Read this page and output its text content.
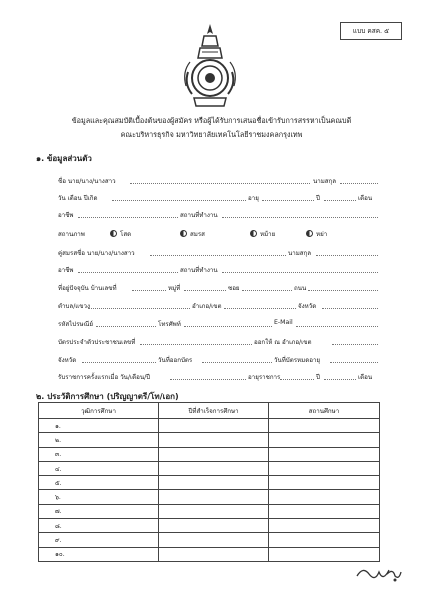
แบบ คสค. ๕
ข้อมูลและคุณสมบัติเบื้องต้นของผู้สมัคร หรือผู้ได้รับการเสนอชื่อเข้ารับการสรรหาเป็นคณบดี
คณะบริหารธุรกิจ มหาวิทยาลัยเทคโนโลยีราชมงคลกรุงเทพ
๑. ข้อมูลส่วนตัว
ชื่อ นาย/นาง/นางสาว	นามสกุล
วัน เดือน ปีเกิด	อายุ	ปี	เดือน
อาชีพ	สถานที่ทำงาน
สถานภาพ	โสด	สมรส	หม้าย	หย่า
คู่สมรสชื่อ นาย/นาง/นางสาว	นามสกุล
อาชีพ	สถานที่ทำงาน
ที่อยู่ปัจจุบัน บ้านเลขที่	หมู่ที่	ซอย	ถนน
ตำบล/แขวง	อำเภอ/เขต	จังหวัด
รหัสไปรษณีย์	โทรศัพท์	E-Mail
บัตรประจำตัวประชาชนเลขที่	ออกให้ ณ อำเภอ/เขต
จังหวัด	วันที่ออกบัตร	วันที่บัตรหมดอายุ
รับราชการครั้งแรกเมื่อ วัน/เดือน/ปี	อายุราชการ	ปี	เดือน
๒. ประวัติการศึกษา (ปริญญาตรี/โท/เอก)
วุฒิการศึกษา	ปีที่สำเร็จการศึกษา	สถานศึกษา
๑.		
๒.		
๓.		
๔.		
๕.		
๖.		
๗.		
๘.		
๙.		
๑๐.		
